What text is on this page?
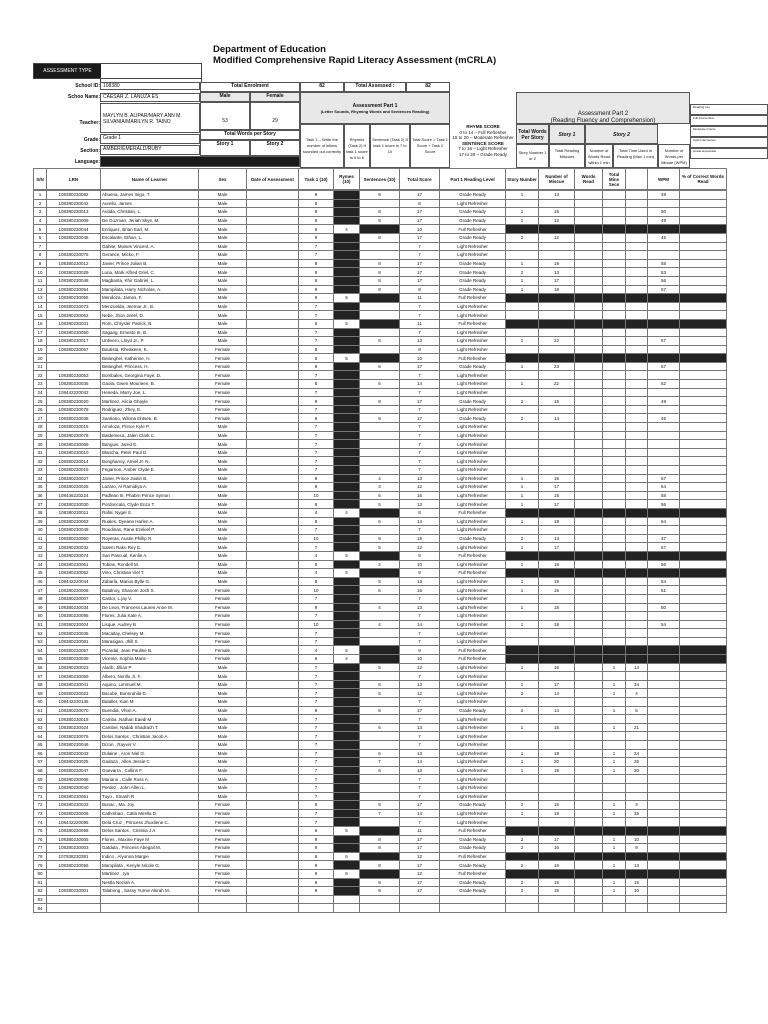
Department of Education
Modified Comprehensive Rapid Literacy Assessment (mCRLA)
ASSESSMENT TYPE
School ID: 108380
Schoo Name: CAESAR Z. LANUZA ES
Teacher:
MAYLYN B. ALIPAR/MARY ANN M. SILVANIA/MARILYN R. TAINO
Grade: Grade 1
Section: AMBER/EMERALD/RUBY
Language:
Total Enrolment	82
Male	Female
53	29
Total Words per Story
Story 1	Story 2
Total Assessed :	82
Assessment Part 1
(Letter Sounds, Rhyming Words and Sentences Reading)
Task 1 – Write the number of letters sounded out correctly
Rhymes (Task 2) If task 1 score is 0 to 6
Sentence (Task 2) If task 1 score is 7 to 10
Total Score = Task 1 Score + Task 2 Score
RHYME SCORE
0 to 14 – Full Refresher
15 to 20 – Moderate Refresher
SENTENCE SCORE
7 to 16 – Light Refresher
17 to 20 – Grade Ready
Assessment Part 2
(Reading Fluency and Comprehension)
Total Words Per Story	Story 1	Story 2
Story Number 1 or 2
Total Reading Miscues
Number of Words Read within 1 min
Total Time Used in Reading (Max 1 min)
Number of Words per Minute (WPM)
Reading Lev
Full Intervention
Moderate Interve
Light Intervention
Grade Expectatio
S/N	LRN	Name of Learner	Sex	Date of Assessment	Task 1 (10)	Rymes (10)	Sentences (10)	Total Score	Part 1 Reading Level	Story Number	Number of Miscue	Words Read	Total Mins Secs		WPM	% of Correct Words Read
1	108380230082	Abuena, James Inigo, T.	Male		9		8	17	Grade Ready	1	13				48	
2	108380230042	Aurello, James	Male		8			8	Light Refresher							
3	108380230013	Autida, Christian, L.	Male		9		8	17	Grade Ready	1	15				50	
4	108380230009	De Guzman, Jeriah Skye, M.	Male		9		8	17	Grade Ready	1	12				49	
5	108380230044	Enriquez, Brian Earl, M.	Male		6	4		10	Full Refresher							
6	108380230045	Escalante, Ethan, L.	Male		9		8	17	Grade Ready	2	12				45	
7		Gahite, Moises Vincent, A.	Male		7			7	Light Refresher							
8	108380230075	Gerance, Micko, F.	Male		7			7	Light Refresher							
9	108380230012	Javier, Prince Julian B.	Male		9		8	17	Grade Ready	1	19				58	
10	108380230029	Luna, Mark Alfred Griel, C.	Male		9		8	17	Grade Ready	2	13				53	
11	108380230048	Magbanta, Khir Gabriel, L.	Male		9		8	17	Grade Ready	1	17				56	
12	108380230054	Mampilata, Harry Nicholas, A.	Male		9		8	8	Grade Ready	1	18				57	
13	108380230055	Mendoza, James, F.	Male		6	5		11	Full Refresher							
14	108380230073	Menzuelda, Jeemar Jr., B.	Male		7			7	Light Refresher							
15	108380230062	Nebe, Jhon Jireel, D.	Male		7			7	Light Refresher							
16	108380230031	Rom, Chrysler Patrick, B.	Male		6	5		11	Full Refresher							
17	108380230050	Sagang, Ernesto III, B.	Male		7			7	Light Refresher							
18	108380230017	Untivero, Lloyd Jr., P.	Male		7		6	13	Light Refresher	1	22				57	
19	108380230067	Bautista, Rheakeen, K.	Female		8			8	Light Refresher							
20		Belanghel, Katherine, H.	Female		5	5		10	Full Refresher							
21		Belanghel, Princess, H.	Female		9		8	17	Grade Ready	1	23				57	
22	108380230053	Bombales, Georgina Faye, D.	Female		7			7	Light Refresher							
23	108380230035	Gaola, Gwen Mourieen, B.	Female		8		6	14	Light Refresher	1	22				52	
24	108442220042	Heneda, Marry Joe, L.	Female		7			7	Light Refresher							
25	108380230020	Martinez, Alicia Ghayle	Female		9		8	17	Grade Ready	2	15				49	
26	108380230079	Rodriguez, Zhey, E.	Female		7			7	Light Refresher							
27	108380230038	Santiano, Wilona Ehtsee, B.	Female		9		8	17	Grade Ready	2	14				45	
28	108380230015	Amoloza, Prince Kyle P.	Male		7			7	Light Refresher							
29	108380230078	Baldemeca, Jalen Clark C.	Male		7			7	Light Refresher							
30	108380230069	Banguis, Jared E.	Male		7			7	Light Refresher							
31	108380230010	Blancha, Peter Paul D.	Male		7			7	Light Refresher							
32	108380230014	Bonghanoy, Amiel Jr. N.	Male		7			7	Light Refresher							
33	108380230019	Fegarnon, Amber Clyde E.	Male		7			7	Light Refresher							
34	108380230027	Javier, Prince Justin B.	Male		9		4	13	Light Refresher	1	16				57	
35	108380230028	Lazaro, Al Ramidiya A.	Male		9		3	12	Light Refresher	1	17				54	
36	108446220224	Padlean III, Phabrn Prince Symon	Male		10		6	16	Light Refresher	1	18				58	
37	108380230030	Pordoncala, Clyde Enzo T.	Male		8		5	13	Light Refresher	1	17				56	
38	108380230011	Rafal, Nygel S.	Male		4	4		8	Full Refresher							
39	108380230063	Ruales, Dyeane Harlen A.	Male		8		6	14	Light Refresher	1	19				54	
40	108380230049	Roudinas, Rane Ezekiel P.	Male		7			7	Light Refresher							
41	108380230060	Royeras, Austin Phillip R.	Male		10		8	18	Grade Ready	2	13				47	
42	108380230032	Salem Rako Rey E.	Male		7		5	12	Light Refresher	1	17				57	
43	108380230074	San Pascual, Kenlie A.	Male		4	5		9	Full Refresher							
44	108380230061	Tobias, Rondell M.	Male		8		2	10	Light Refresher	1	18				56	
45	108380230052	Vino, Christian Viel T.	Male		4	5		9	Full Refresher							
46	108442220044	Zabarla, Marius Bylle G.	Male		8		5	13	Light Refresher	1	19				54	
47	108380230008	Batalnoy, Shanom Josh S.	Female		10		6	16	Light Refresher	1	16				51	
48	108380230007	Castor, L.jay V.	Female		7			7	Light Refresher							
49	108380230034	De Leon, Francess Lauren Anne M.	Female		9		4	13	Light Refresher	1	18				50	
50	108380230095	Flores, Julia Kate A.	Female		7			7	Light Refresher							
51	108380230004	Lisque, Audrey B	Female		10		4	14	Light Refresher	1	19				54	
52	108380230036	Macaltay, Chelsey M.	Female		7			7	Light Refresher							
53	108380230081	Marasigan, Jhill S.	Female		7			7	Light Refresher							
54	108380230057	Picardal, Jean Pauline B.	Female		4	5		9	Full Refresher							
55	108380230039	Vicente, Sophia Marie -	Female		6	4		10	Full Refresher							
56	108380230023	Alarib, Jillian P	Male		7		5	12	Light Refresher	1	16		1	14		
57	108380230059	Albero, Norillo Jr. F.	Male		7			7	Light Refresher							
58	108380230041	Aquino, Limmuel M.	Male		7		6	13	Light Refresher	1	17		1	34		
59	108380230022	Bacube, Bonnrahila D.	Male		7		5	12	Light Refresher	2	14		1	4		
60	108442230135	Bataller, Kian M	Male		7			7	Light Refresher							
61	108380230070	Buendia, Vhon A.	Male		9		8	17	Grade Ready	2	14		1	5		
62	108380230018	Camba ,Nathan Eaedi M	Male		7			7	Light Refresher							
63	108380230024	Cambel, Nadab Shadrach T.	Male		7		6	13	Light Refresher	1	16		1	21		
64	108380230076	Delos Santos , Christian Jacob A.	Male		7			7	Light Refresher							
65	108380230046	Dizon , Rayver V.	Male		7			7	Light Refresher							
66	108380230043	Dulaine , Aron Niel G.	Male		7		6	13	Light Refresher	1	19		1	24		
67	108380230025	Gadaza , Allen Jessie C	Male		7		7	14	Light Refresher	1	20		1	26		
68	108380230047	Guevarra , Collins F.	Male		7		6	13	Light Refresher	1	18		1	30		
69	108380230068	Mariano , Calle Ross A.	Male		7			7	Light Refresher							
70	108380230040	Perdez , John Allen L.	Male		7			7	Light Refresher							
71	108380230051	Tuyo , Smash R	Male		7			7	Light Refresher							
72	108380230033	Bunac , Ma. Joy	Female		9		8	17	Grade Ready	2	15		1	3		
73	108380230006	Cathmbao , Catla Mirella D.	Female		7		7	14	Light Refresher	1	19		1	35		
74	108442220095	Dela Cruz , Princess Jhuxliene C.	Female		7			7	Light Refresher							
75	108380230058	Delos Santos , Cristina J A	Female		6	5		11	Full Refresher							
76	108380230005	Flores , Maxine Faye M	Female		9		8	17	Grade Ready	2	17		1	10		
77	108380230003	Gatdula , Princess Abegail M.	Female		9		8	17	Grade Ready	2	16		1	9		
78	107938230381	Indico , Alyonna Margie	Female		6	6		12	Full Refresher							
79	108380230056	Mampilata , Kenyle Nicole G.	Female		9		8	17	Grade Ready	2	16		1	13		
80		Martinez , Iya	Female		6	6		12	Full Refresher							
81		Nestla Neziah A.	Female		9		8	17	Grade Ready	2	15		1	15		
82	108380230001	Talabong , Sassy Yumie Akirah M.	Female		9		8	17	Grade Ready	2	16		1	10		
83																
84																
